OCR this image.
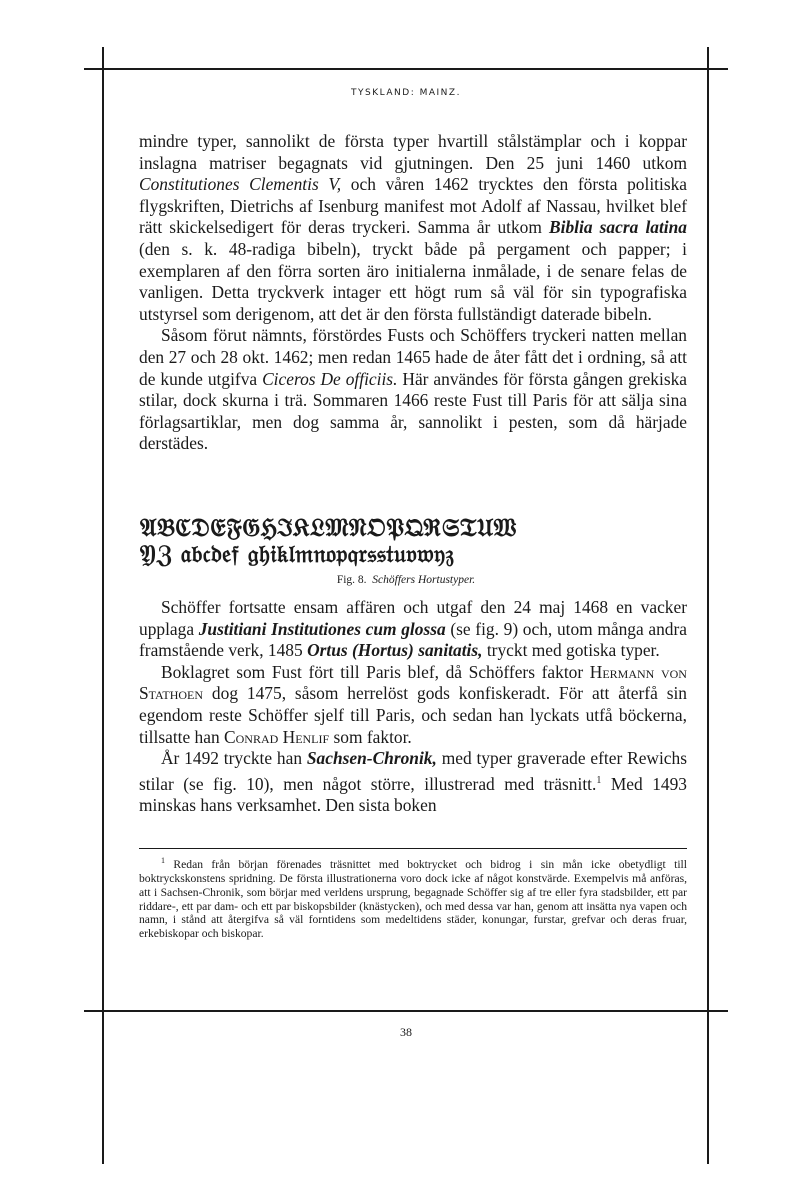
TYSKLAND: MAINZ.

mindre typer, sannolikt de första typer hvartill stålstämplar och i koppar inslagna matriser begagnats vid gjutningen. Den 25 juni 1460 utkom Constitutiones Clementis V, och våren 1462 trycktes den första politiska flygskriften, Dietrichs af Isenburg manifest mot Adolf af Nassau, hvilket blef rätt skickelsedigert för deras tryckeri. Samma år utkom Biblia sacra latina (den s. k. 48-radiga bibeln), tryckt både på pergament och papper; i exemplaren af den förra sorten äro initialerna inmålade, i de senare felas de vanligen. Detta tryckverk intager ett högt rum så väl för sin typografiska utstyrsel som derigenom, att det är den första fullständigt daterade bibeln.

Såsom förut nämnts, förstördes Fusts och Schöffers tryckeri natten mellan den 27 och 28 okt. 1462; men redan 1465 hade de åter fått det i ordning, så att de kunde utgifva Ciceros De officiis. Här användes för första gången grekiska stilar, dock skurna i trä. Sommaren 1466 reste Fust till Paris för att sälja sina förlagsartiklar, men dog samma år, sannolikt i pesten, som då härjade derstädes.

𝔄𝔅ℭ𝔇𝔈𝔉𝔊ℌℑ𝔎𝔏𝔐𝔑𝔒𝔓𝔔ℜ𝔖𝔗𝔘𝔚
𝔜ℨ 𝔞𝔟𝔠𝔡𝔢𝔣 𝔤𝔥𝔦𝔨𝔩𝔪𝔫𝔬𝔭𝔮𝔯𝔰𝔰𝔱𝔲𝔳𝔴𝔶𝔷
Fig. 8. Schöffers Hortustyper.

Schöffer fortsatte ensam affären och utgaf den 24 maj 1468 en vacker upplaga Justitiani Institutiones cum glossa (se fig. 9) och, utom många andra framstående verk, 1485 Ortus (Hortus) sanitatis, tryckt med gotiska typer.

Boklagret som Fust fört till Paris blef, då Schöffers faktor Hermann von Stathoen dog 1475, såsom herrelöst gods konfiskeradt. För att återfå sin egendom reste Schöffer sjelf till Paris, och sedan han lyckats utfå böckerna, tillsatte han Conrad Henlif som faktor.

År 1492 tryckte han Sachsen-Chronik, med typer graverade efter Rewichs stilar (se fig. 10), men något större, illustrerad med träsnitt.$^1$ Med 1493 minskas hans verksamhet. Den sista boken

$^1$ Redan från början förenades träsnittet med boktrycket och bidrog i sin mån icke obetydligt till boktryckskonstens spridning. De första illustrationerna voro dock icke af något konstvärde. Exempelvis må anföras, att i Sachsen-Chronik, som börjar med verldens ursprung, begagnade Schöffer sig af tre eller fyra stadsbilder, ett par riddare-, ett par dam- och ett par biskopsbilder (knästycken), och med dessa var han, genom att insätta nya vapen och namn, i stånd att återgifva så väl forntidens som medeltidens städer, konungar, furstar, grefvar och deras fruar, erkebiskopar och biskopar.
38
